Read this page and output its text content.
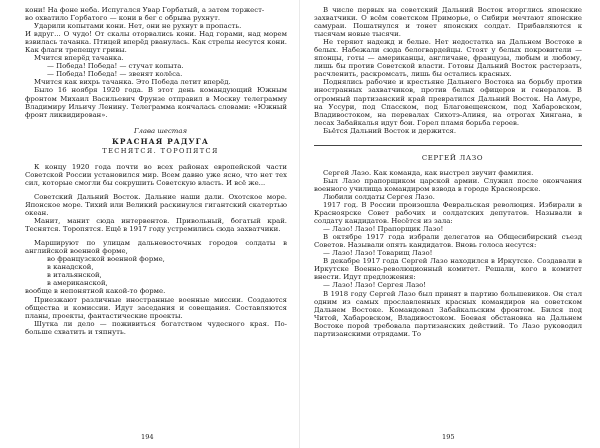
кони! На фоне неба. Испугался Увар Горбатый, а затем торжест-

во охватило Горбатого — кони в бег с обрыва рухнут.

Ударили копытами кони. Нет, они не рухнут в пропасть.

И вдруг... О чудо! От скалы оторвались кони. Над горами, над морем взвилась тачанка. Птицей вперёд рванулась. Как стрелы несутся кони. Как флаги трепещут гривы.

Мчится вперёд тачанка.

— Победа! Победа! — стучат копыта.

— Победа! Победа! — звенят колёса.

Мчится как вихрь тачанка. Это Победа летит вперёд.

Было 16 ноября 1920 года. В этот день командующий Южным фронтом Михаил Васильевич Фрунзе отправил в Москву телеграмму Владимиру Ильичу Ленину. Телеграмма кончалась словами: «Южный фронт ликвидирован».

Глава шестая

КРАСНАЯ РАДУГА

ТЕСНЯТСЯ. ТОРОПЯТСЯ

К концу 1920 года почти во всех районах европейской части Советской России установился мир. Всем давно уже ясно, что нет тех сил, которые смогли бы сокрушить Советскую власть. И всё же...

Советский Дальний Восток. Дальние наши дали. Охотское море. Японское море. Тихий или Великий раскинулся гигантский скатертью океан.

Манит, манит сюда интервентов. Привольный, богатый край. Теснятся. Торопятся. Ещё в 1917 году устремились сюда захватчики.

Маршируют по улицам дальневосточных городов солдаты в английской военной форме,

во французской военной форме,

в канадской,

в итальянской,

в американской,

вообще в непонятной какой-то форме.

Приезжают различные иностранные военные миссии. Создаются общества и комиссии. Идут заседания и совещания. Составляются планы, проекты, фантастические проекты.

Шутка ли дело — поживиться богатством чудесного края. По-больше схватить и тяпнуть.

194

В числе первых на советский Дальний Восток вторглись японские захватчики. О всём советском Приморье, о Сибири мечтают японские самураи. Пошатнулся и тонет японских солдат. Прибавляются к тысячам новые тысячи.

Не теряют надежд и белые. Нет недостатка на Дальнем Востоке в белых. Набежали сюда белогвардейцы. Стоят у белых покровители — японцы, готы — американцы, англичане, французы, любым и любому, лишь бы против Советской власти. Готовы Дальний Восток растерзать, расчленить, раскромсать, лишь бы остались красных.

Поднялись рабочие и крестьяне Дальнего Востока на борьбу против иностранных захватчиков, против белых офицеров и генералов. В огромный партизанский край превратился Дальний Восток. На Амуре, на Уссури, под Спасском, под Благовещенском, под Хабаровском, Владивостоком, на перевалах Сихотэ-Алиня, на отрогах Хингана, в лесах Забайкалья идут бои. Горел пламя борьба героев.

Бьётся Дальний Восток и держится.

СЕРГЕЙ ЛАЗО

Сергей Лазо. Как команда, как выстрел звучит фамилия.

Был Лазо прапорщиком царской армии. Служил после окончания военного училища командиром взвода в городе Красноярске.

Любили солдаты Сергея Лазо.

1917 год. В России произошла Февральская революция. Избирали в Красноярске Совет рабочих и солдатских депутатов. Называли в солдату кандидатов. Несётся из зала:

— Лазо! Лазо! Прапорщик Лазо!

В октябре 1917 года избрали делегатов на Общесибирский съезд Советов. Называли опять кандидатов. Вновь голоса несутся:

— Лазо! Лазо! Товарищ Лазо!

В декабре 1917 года Сергей Лазо находился в Иркутске. Создавали в Иркутске Военно-революционный комитет. Решали, кого в комитет внести. Идут предложения:

— Лазо! Лазо! Сергея Лазо!

В 1918 году Сергей Лазо был принят в партию большевиков. Он стал одним из самых прославленных красных командиров на советском Дальнем Востоке. Командовал Забайкальским фронтом. Бился под Читой, Хабаровском, Владивостоком. Боевая обстановка на Дальнем Востоке порой требовала партизанских действий. То Лазо руководил партизанскими отрядами. То

195
